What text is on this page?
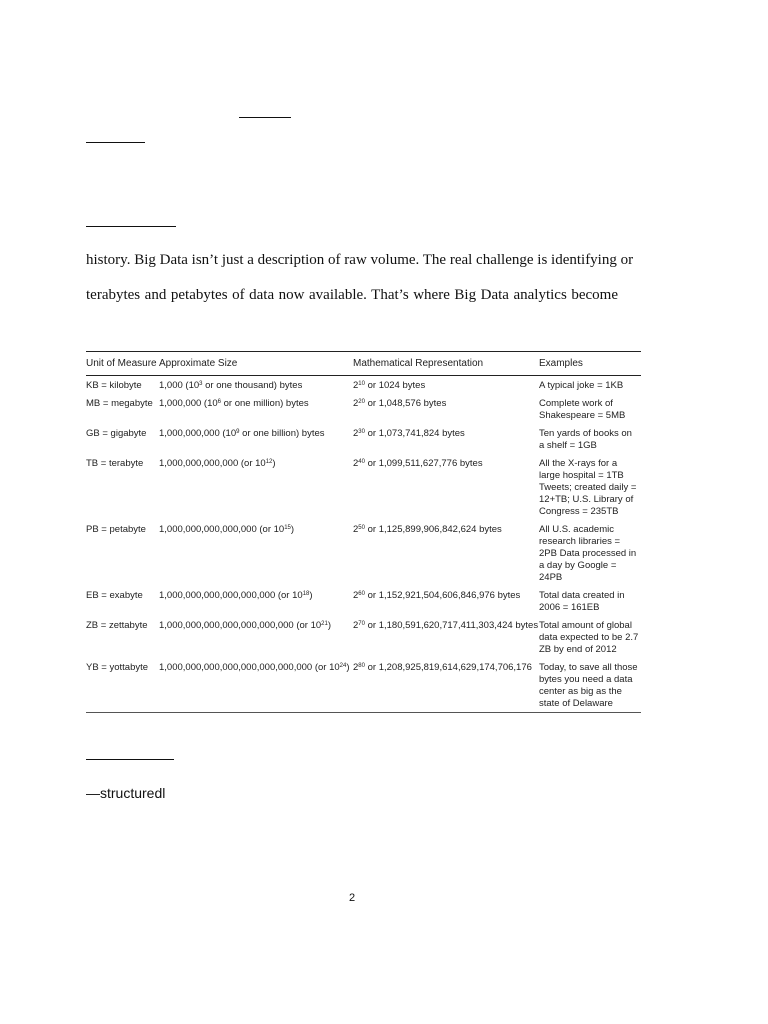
history. Big Data isn’t just a description of raw volume. The real challenge is identifying or

terabytes and petabytes of data now available. That’s where Big Data analytics become

Unit of Measure	Approximate Size	Mathematical Representation	Examples
KB = kilobyte	1,000 ($10^3$ or one thousand) bytes	$2^{10}$ or 1024 bytes	A typical joke = 1KB
MB = megabyte	1,000,000 ($10^6$ or one million) bytes	$2^{20}$ or 1,048,576 bytes	Complete work of Shakespeare = 5MB
GB = gigabyte	1,000,000,000 ($10^9$ or one billion) bytes	$2^{30}$ or 1,073,741,824 bytes	Ten yards of books on a shelf = 1GB
TB = terabyte	1,000,000,000,000 (or $10^{12}$)	$2^{40}$ or 1,099,511,627,776 bytes	All the X-rays for a large hospital = 1TB Tweets; created daily = 12+TB; U.S. Library of Congress = 235TB
PB = petabyte	1,000,000,000,000,000 (or $10^{15}$)	$2^{50}$ or 1,125,899,906,842,624 bytes	All U.S. academic research libraries = 2PB Data processed in a day by Google = 24PB
EB = exabyte	1,000,000,000,000,000,000 (or $10^{18}$)	$2^{60}$ or 1,152,921,504,606,846,976 bytes	Total data created in 2006 = 161EB
ZB = zettabyte	1,000,000,000,000,000,000,000 (or $10^{21}$)	$2^{70}$ or 1,180,591,620,717,411,303,424 bytes	Total amount of global data expected to be 2.7 ZB by end of 2012
YB = yottabyte	1,000,000,000,000,000,000,000,000 (or $10^{24}$)	$2^{80}$ or 1,208,925,819,614,629,174,706,176	Today, to save all those bytes you need a data center as big as the state of Delaware

—structuredl

2
